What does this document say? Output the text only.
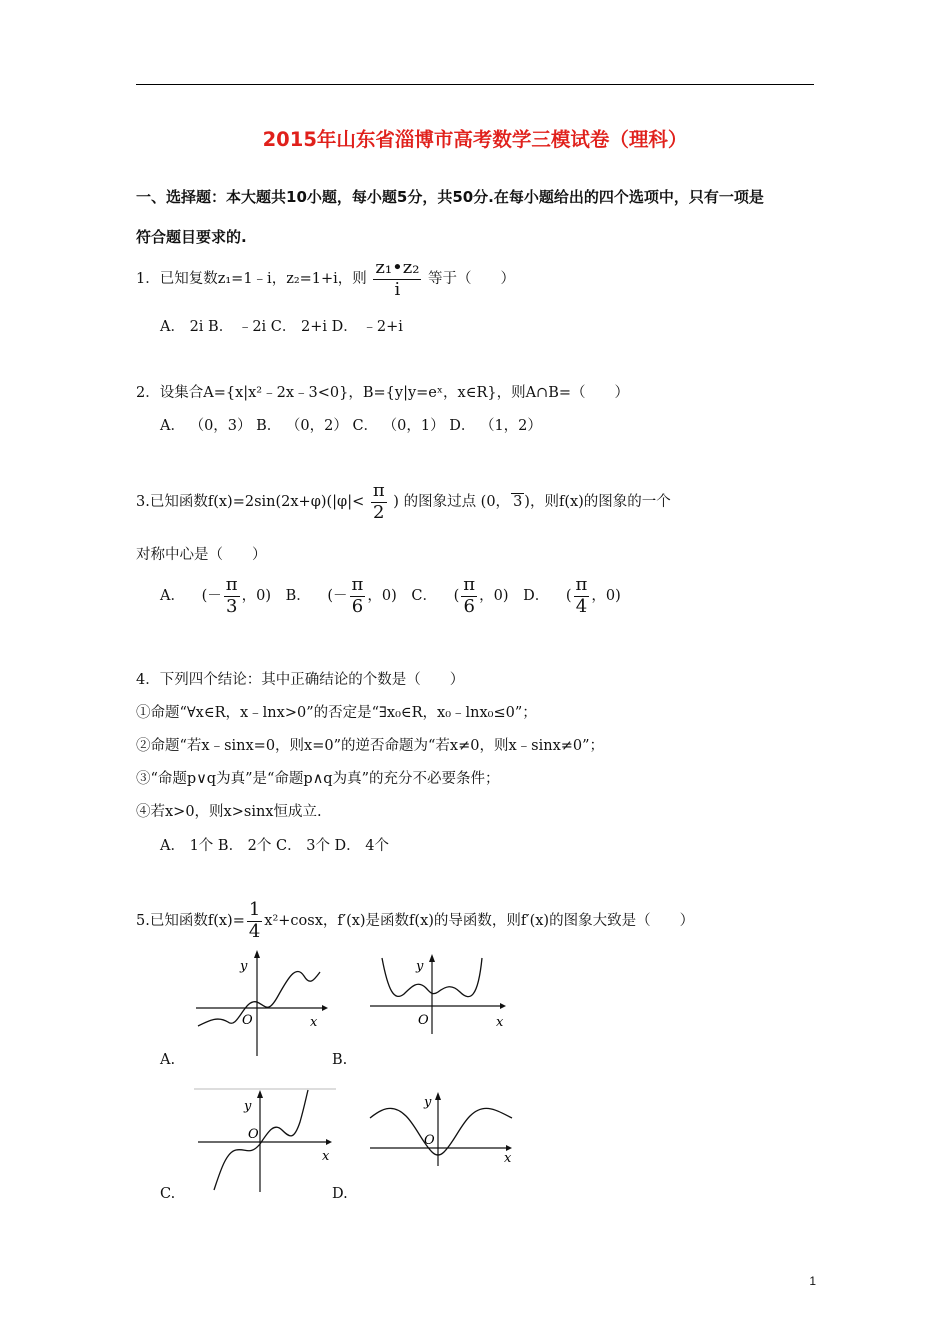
2015年山东省淄博市高考数学三模试卷（理科）
一、选择题：本大题共10小题，每小题5分，共50分.在每小题给出的四个选项中，只有一项是
符合题目要求的.
1．已知复数z₁=1﹣i，z₂=1+i，则 $\frac{\text{z₁•z₂}}{i}$ 等于（　　）
A． 2i B． ﹣2i C． 2+i D． ﹣2+i
2．设集合A={x|x²﹣2x﹣3<0}，B={y|y=eˣ，x∈R}，则A∩B=（　　）
A． （0，3） B． （0，2） C． （0，1） D． （1，2）
3.已知函数$f(x)=2\sin(2x+\varphi)(|\varphi|< \frac{\pi}{2}$ ) 的图象过点 (0， 3 )，则f(x)的图象的一个
对称中心是（　　）
A． (－ $\frac{\pi}{3}$ ，0) B． (－ $\frac{\pi}{6}$ ，0) C． ( $\frac{\pi}{6}$ ，0) D． ( $\frac{\pi}{4}$ ，0)
4．下列四个结论：其中正确结论的个数是（　　）
①命题“∀x∈R，x﹣lnx>0”的否定是“∃x₀∈R，x₀﹣lnx₀≤0”；
②命题“若x﹣sinx=0，则x=0”的逆否命题为“若x≠0，则x﹣sinx≠0”；
③“命题p∨q为真”是“命题p∧q为真”的充分不必要条件；
④若x>0，则x>sinx恒成立.
A． 1个 B． 2个 C． 3个 D． 4个
5.已知函数$f(x)= \frac{1}{4} x^2+\cos x$，f′(x)是函数f(x)的导函数，则f′(x)的图象大致是（　　）
y
x
O
A.
y
x
O
B.
y
x
O
C.
y
x
O
D.
1
